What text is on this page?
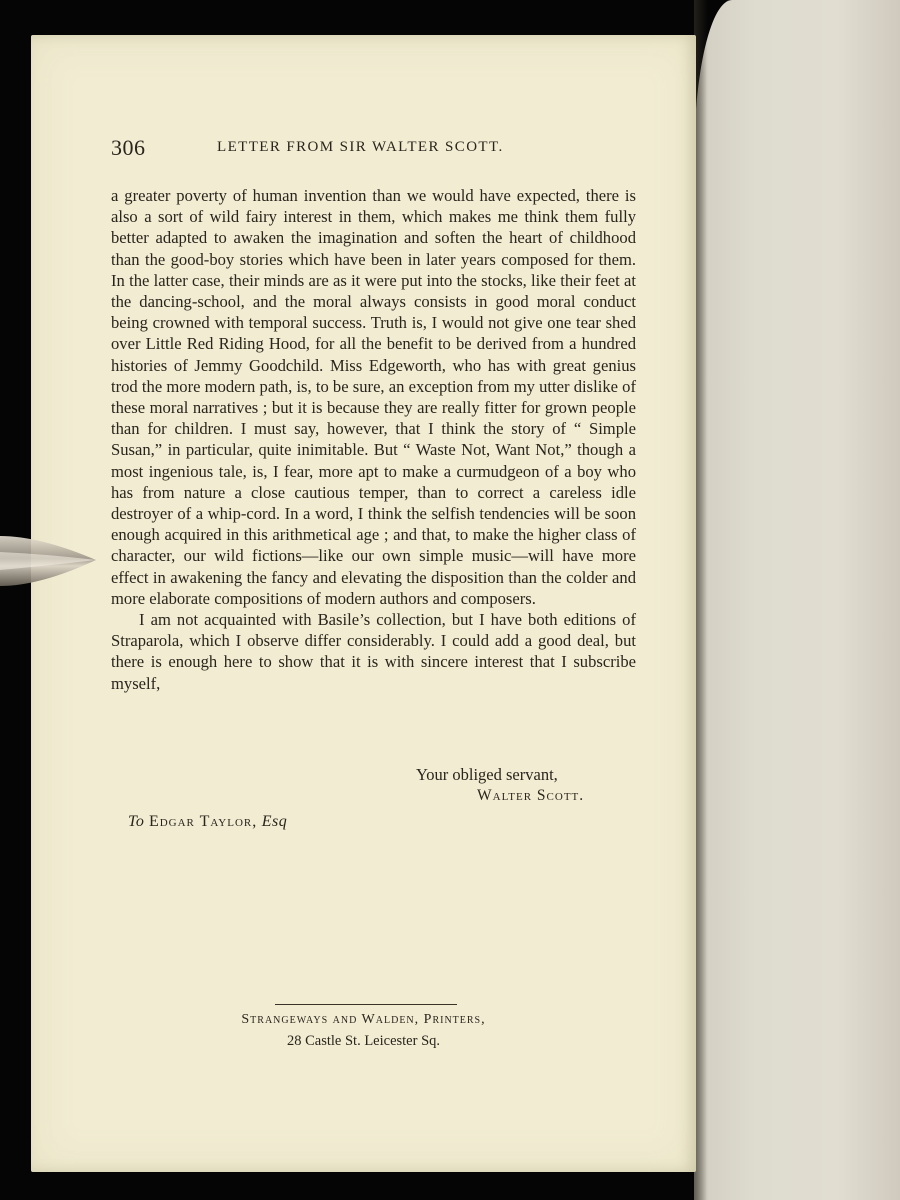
306	LETTER FROM SIR WALTER SCOTT.

a greater poverty of human invention than we would have expected, there is also a sort of wild fairy interest in them, which makes me think them fully better adapted to awaken the imagination and soften the heart of childhood than the good-boy stories which have been in later years composed for them. In the latter case, their minds are as it were put into the stocks, like their feet at the dancing-school, and the moral always consists in good moral conduct being crowned with temporal success. Truth is, I would not give one tear shed over Little Red Riding Hood, for all the benefit to be derived from a hundred histories of Jemmy Goodchild. Miss Edgeworth, who has with great genius trod the more modern path, is, to be sure, an exception from my utter dislike of these moral narratives ; but it is because they are really fitter for grown people than for children. I must say, however, that I think the story of “ Simple Susan,” in particular, quite inimitable. But “ Waste Not, Want Not,” though a most ingenious tale, is, I fear, more apt to make a curmudgeon of a boy who has from nature a close cautious temper, than to correct a careless idle destroyer of a whip-cord. In a word, I think the selfish tendencies will be soon enough acquired in this arithmetical age ; and that, to make the higher class of character, our wild fictions—like our own simple music—will have more effect in awakening the fancy and elevating the disposition than the colder and more elaborate compositions of modern authors and composers.

I am not acquainted with Basile’s collection, but I have both editions of Straparola, which I observe differ considerably. I could add a good deal, but there is enough here to show that it is with sincere interest that I subscribe myself,

Your obliged servant,
Walter Scott.
To Edgar Taylor, Esq
Strangeways and Walden, Printers,
28 Castle St. Leicester Sq.
